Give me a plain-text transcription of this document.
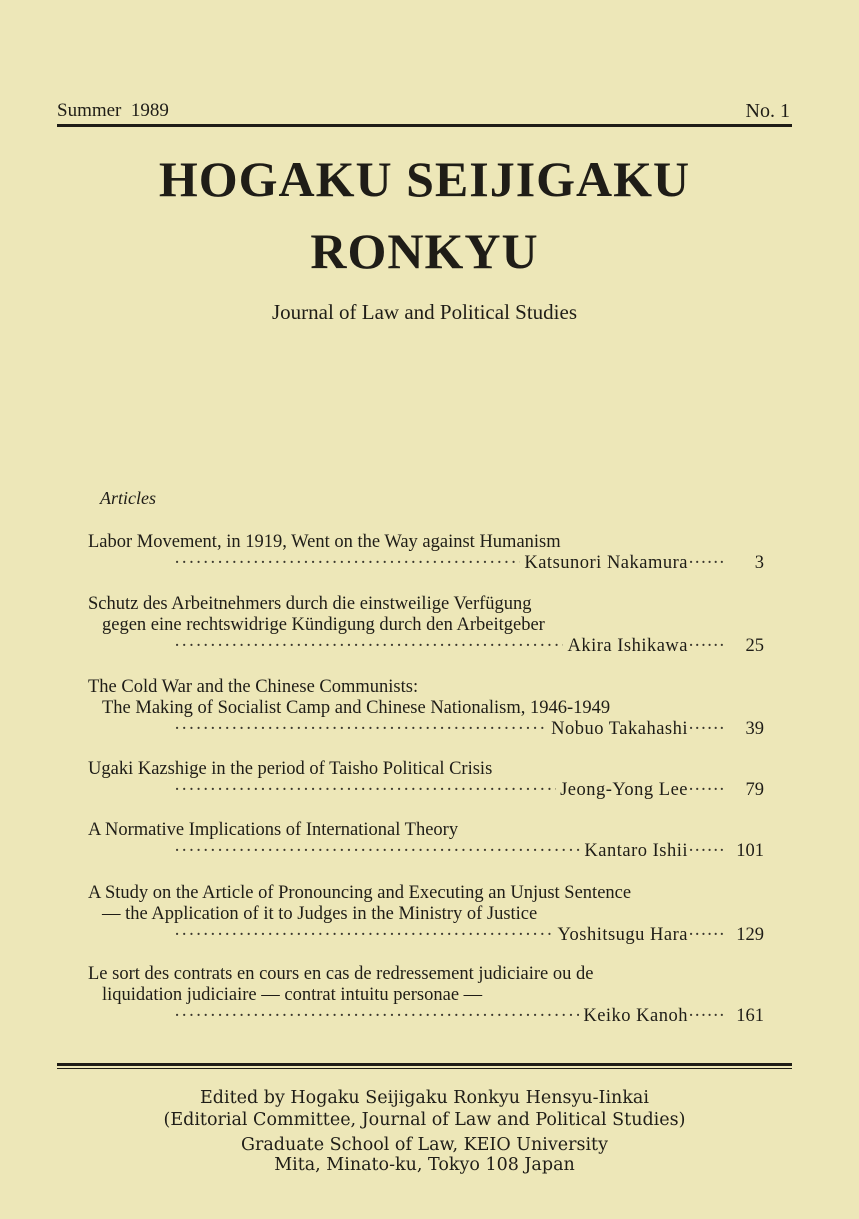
Summer  1989	No. 1
HOGAKU SEIJIGAKU
RONKYU
Journal of Law and Political Studies
Articles
Labor Movement, in 1919, Went on the Way against Humanism
·····
Katsunori Nakamura ······	3
Schutz des Arbeitnehmers durch die einstweilige Verfügung
gegen eine rechtswidrige Kündigung durch den Arbeitgeber
·····
Akira Ishikawa ······	25
The Cold War and the Chinese Communists:
The Making of Socialist Camp and Chinese Nationalism, 1946-1949
·····
Nobuo Takahashi ······	39
Ugaki Kazshige in the period of Taisho Political Crisis
·····
Jeong-Yong Lee ······	79
A Normative Implications of International Theory
·····
Kantaro Ishii ······	101
A Study on the Article of Pronouncing and Executing an Unjust Sentence
— the Application of it to Judges in the Ministry of Justice
·····
Yoshitsugu Hara ······	129
Le sort des contrats en cours en cas de redressement judiciaire ou de
liquidation judiciaire — contrat intuitu personae —
·····
Keiko Kanoh ······	161
Edited by Hogaku Seijigaku Ronkyu Hensyu-Iinkai
(Editorial Committee, Journal of Law and Political Studies)
Graduate School of Law, KEIO University
Mita, Minato-ku, Tokyo 108 Japan
